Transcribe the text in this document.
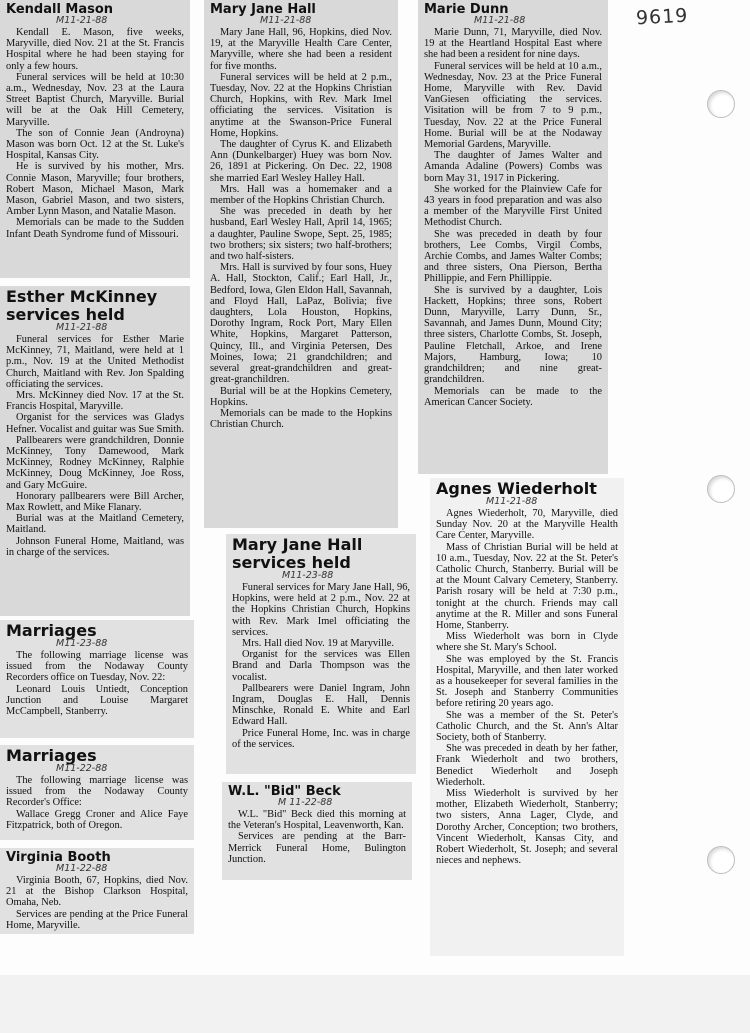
9619
Kendall Mason
M11-21-88

Kendall E. Mason, five weeks, Maryville, died Nov. 21 at the St. Francis Hospital where he had been staying for only a few hours.

Funeral services will be held at 10:30 a.m., Wednesday, Nov. 23 at the Laura Street Baptist Church, Maryville. Burial will be at the Oak Hill Cemetery, Maryville.

The son of Connie Jean (Androyna) Mason was born Oct. 12 at the St. Luke's Hospital, Kansas City.

He is survived by his mother, Mrs. Connie Mason, Maryville; four brothers, Robert Mason, Michael Mason, Mark Mason, Gabriel Mason, and two sisters, Amber Lynn Mason, and Natalie Mason.

Memorials can be made to the Sudden Infant Death Syndrome fund of Missouri.

Esther McKinney services held
M11-21-88

Funeral services for Esther Marie McKinney, 71, Maitland, were held at 1 p.m., Nov. 19 at the United Methodist Church, Maitland with Rev. Jon Spalding officiating the services.

Mrs. McKinney died Nov. 17 at the St. Francis Hospital, Maryville.

Organist for the services was Gladys Hefner. Vocalist and guitar was Sue Smith.

Pallbearers were grandchildren, Donnie McKinney, Tony Damewood, Mark McKinney, Rodney McKinney, Ralphie McKinney, Doug McKinney, Joe Ross, and Gary McGuire.

Honorary pallbearers were Bill Archer, Max Rowlett, and Mike Flanary.

Burial was at the Maitland Cemetery, Maitland.

Johnson Funeral Home, Maitland, was in charge of the services.

Marriages
M11-23-88

The following marriage license was issued from the Nodaway County Recorders office on Tuesday, Nov. 22:

Leonard Louis Untiedt, Conception Junction and Louise Margaret McCampbell, Stanberry.

Marriages
M11-22-88

The following marriage license was issued from the Nodaway County Recorder's Office:

Wallace Gregg Croner and Alice Faye Fitzpatrick, both of Oregon.

Virginia Booth
M11-22-88

Virginia Booth, 67, Hopkins, died Nov. 21 at the Bishop Clarkson Hospital, Omaha, Neb.

Services are pending at the Price Funeral Home, Maryville.

Mary Jane Hall
M11-21-88

Mary Jane Hall, 96, Hopkins, died Nov. 19, at the Maryville Health Care Center, Maryville, where she had been a resident for five months.

Funeral services will be held at 2 p.m., Tuesday, Nov. 22 at the Hopkins Christian Church, Hopkins, with Rev. Mark Imel officiating the services. Visitation is anytime at the Swanson-Price Funeral Home, Hopkins.

The daughter of Cyrus K. and Elizabeth Ann (Dunkelbarger) Huey was born Nov. 26, 1891 at Pickering. On Dec. 22, 1908 she married Earl Wesley Halley Hall.

Mrs. Hall was a homemaker and a member of the Hopkins Christian Church.

She was preceded in death by her husband, Earl Wesley Hall, April 14, 1965; a daughter, Pauline Swope, Sept. 25, 1985; two brothers; six sisters; two half-brothers; and two half-sisters.

Mrs. Hall is survived by four sons, Huey A. Hall, Stockton, Calif.; Earl Hall, Jr., Bedford, Iowa, Glen Eldon Hall, Savannah, and Floyd Hall, LaPaz, Bolivia; five daughters, Lola Houston, Hopkins, Dorothy Ingram, Rock Port, Mary Ellen White, Hopkins, Margaret Patterson, Quincy, Ill., and Virginia Petersen, Des Moines, Iowa; 21 grandchildren; and several great-grandchildren and great-great-granchildren.

Burial will be at the Hopkins Cemetery, Hopkins.

Memorials can be made to the Hopkins Christian Church.

Mary Jane Hall services held
M11-23-88

Funeral services for Mary Jane Hall, 96, Hopkins, were held at 2 p.m., Nov. 22 at the Hopkins Christian Church, Hopkins with Rev. Mark Imel officiating the services.

Mrs. Hall died Nov. 19 at Maryville.

Organist for the services was Ellen Brand and Darla Thompson was the vocalist.

Pallbearers were Daniel Ingram, John Ingram, Douglas E. Hall, Dennis Minschke, Ronald E. White and Earl Edward Hall.

Price Funeral Home, Inc. was in charge of the services.

W.L. "Bid" Beck
M 11-22-88

W.L. "Bid" Beck died this morning at the Veteran's Hospital, Leavenworth, Kan.

Services are pending at the Barr-Merrick Funeral Home, Bulington Junction.

Marie Dunn
M11-21-88

Marie Dunn, 71, Maryville, died Nov. 19 at the Heartland Hospital East where she had been a resident for nine days.

Funeral services will be held at 10 a.m., Wednesday, Nov. 23 at the Price Funeral Home, Maryville with Rev. David VanGiesen officiating the services. Visitation will be from 7 to 9 p.m., Tuesday, Nov. 22 at the Price Funeral Home. Burial will be at the Nodaway Memorial Gardens, Maryville.

The daughter of James Walter and Amanda Adaline (Powers) Combs was born May 31, 1917 in Pickering.

She worked for the Plainview Cafe for 43 years in food preparation and was also a member of the Maryville First United Methodist Church.

She was preceded in death by four brothers, Lee Combs, Virgil Combs, Archie Combs, and James Walter Combs; and three sisters, Ona Pierson, Bertha Phillippie, and Fern Phillippie.

She is survived by a daughter, Lois Hackett, Hopkins; three sons, Robert Dunn, Maryville, Larry Dunn, Sr., Savannah, and James Dunn, Mound City; three sisters, Charlotte Combs, St. Joseph, Pauline Fletchall, Arkoe, and Irene Majors, Hamburg, Iowa; 10 grandchildren; and nine great-grandchildren.

Memorials can be made to the American Cancer Society.

Agnes Wiederholt
M11-21-88

Agnes Wiederholt, 70, Maryville, died Sunday Nov. 20 at the Maryville Health Care Center, Maryville.

Mass of Christian Burial will be held at 10 a.m., Tuesday, Nov. 22 at the St. Peter's Catholic Church, Stanberry. Burial will be at the Mount Calvary Cemetery, Stanberry. Parish rosary will be held at 7:30 p.m., tonight at the church. Friends may call anytime at the R. Miller and sons Funeral Home, Stanberry.

Miss Wiederholt was born in Clyde where she St. Mary's School.

She was employed by the St. Francis Hospital, Maryville, and then later worked as a housekeeper for several families in the St. Joseph and Stanberry Communities before retiring 20 years ago.

She was a member of the St. Peter's Catholic Church, and the St. Ann's Altar Society, both of Stanberry.

She was preceded in death by her father, Frank Wiederholt and two brothers, Benedict Wiederholt and Joseph Wiederholt.

Miss Wiederholt is survived by her mother, Elizabeth Wiederholt, Stanberry; two sisters, Anna Lager, Clyde, and Dorothy Archer, Conception; two brothers, Vincent Wiederholt, Kansas City, and Robert Wiederholt, St. Joseph; and several nieces and nephews.
